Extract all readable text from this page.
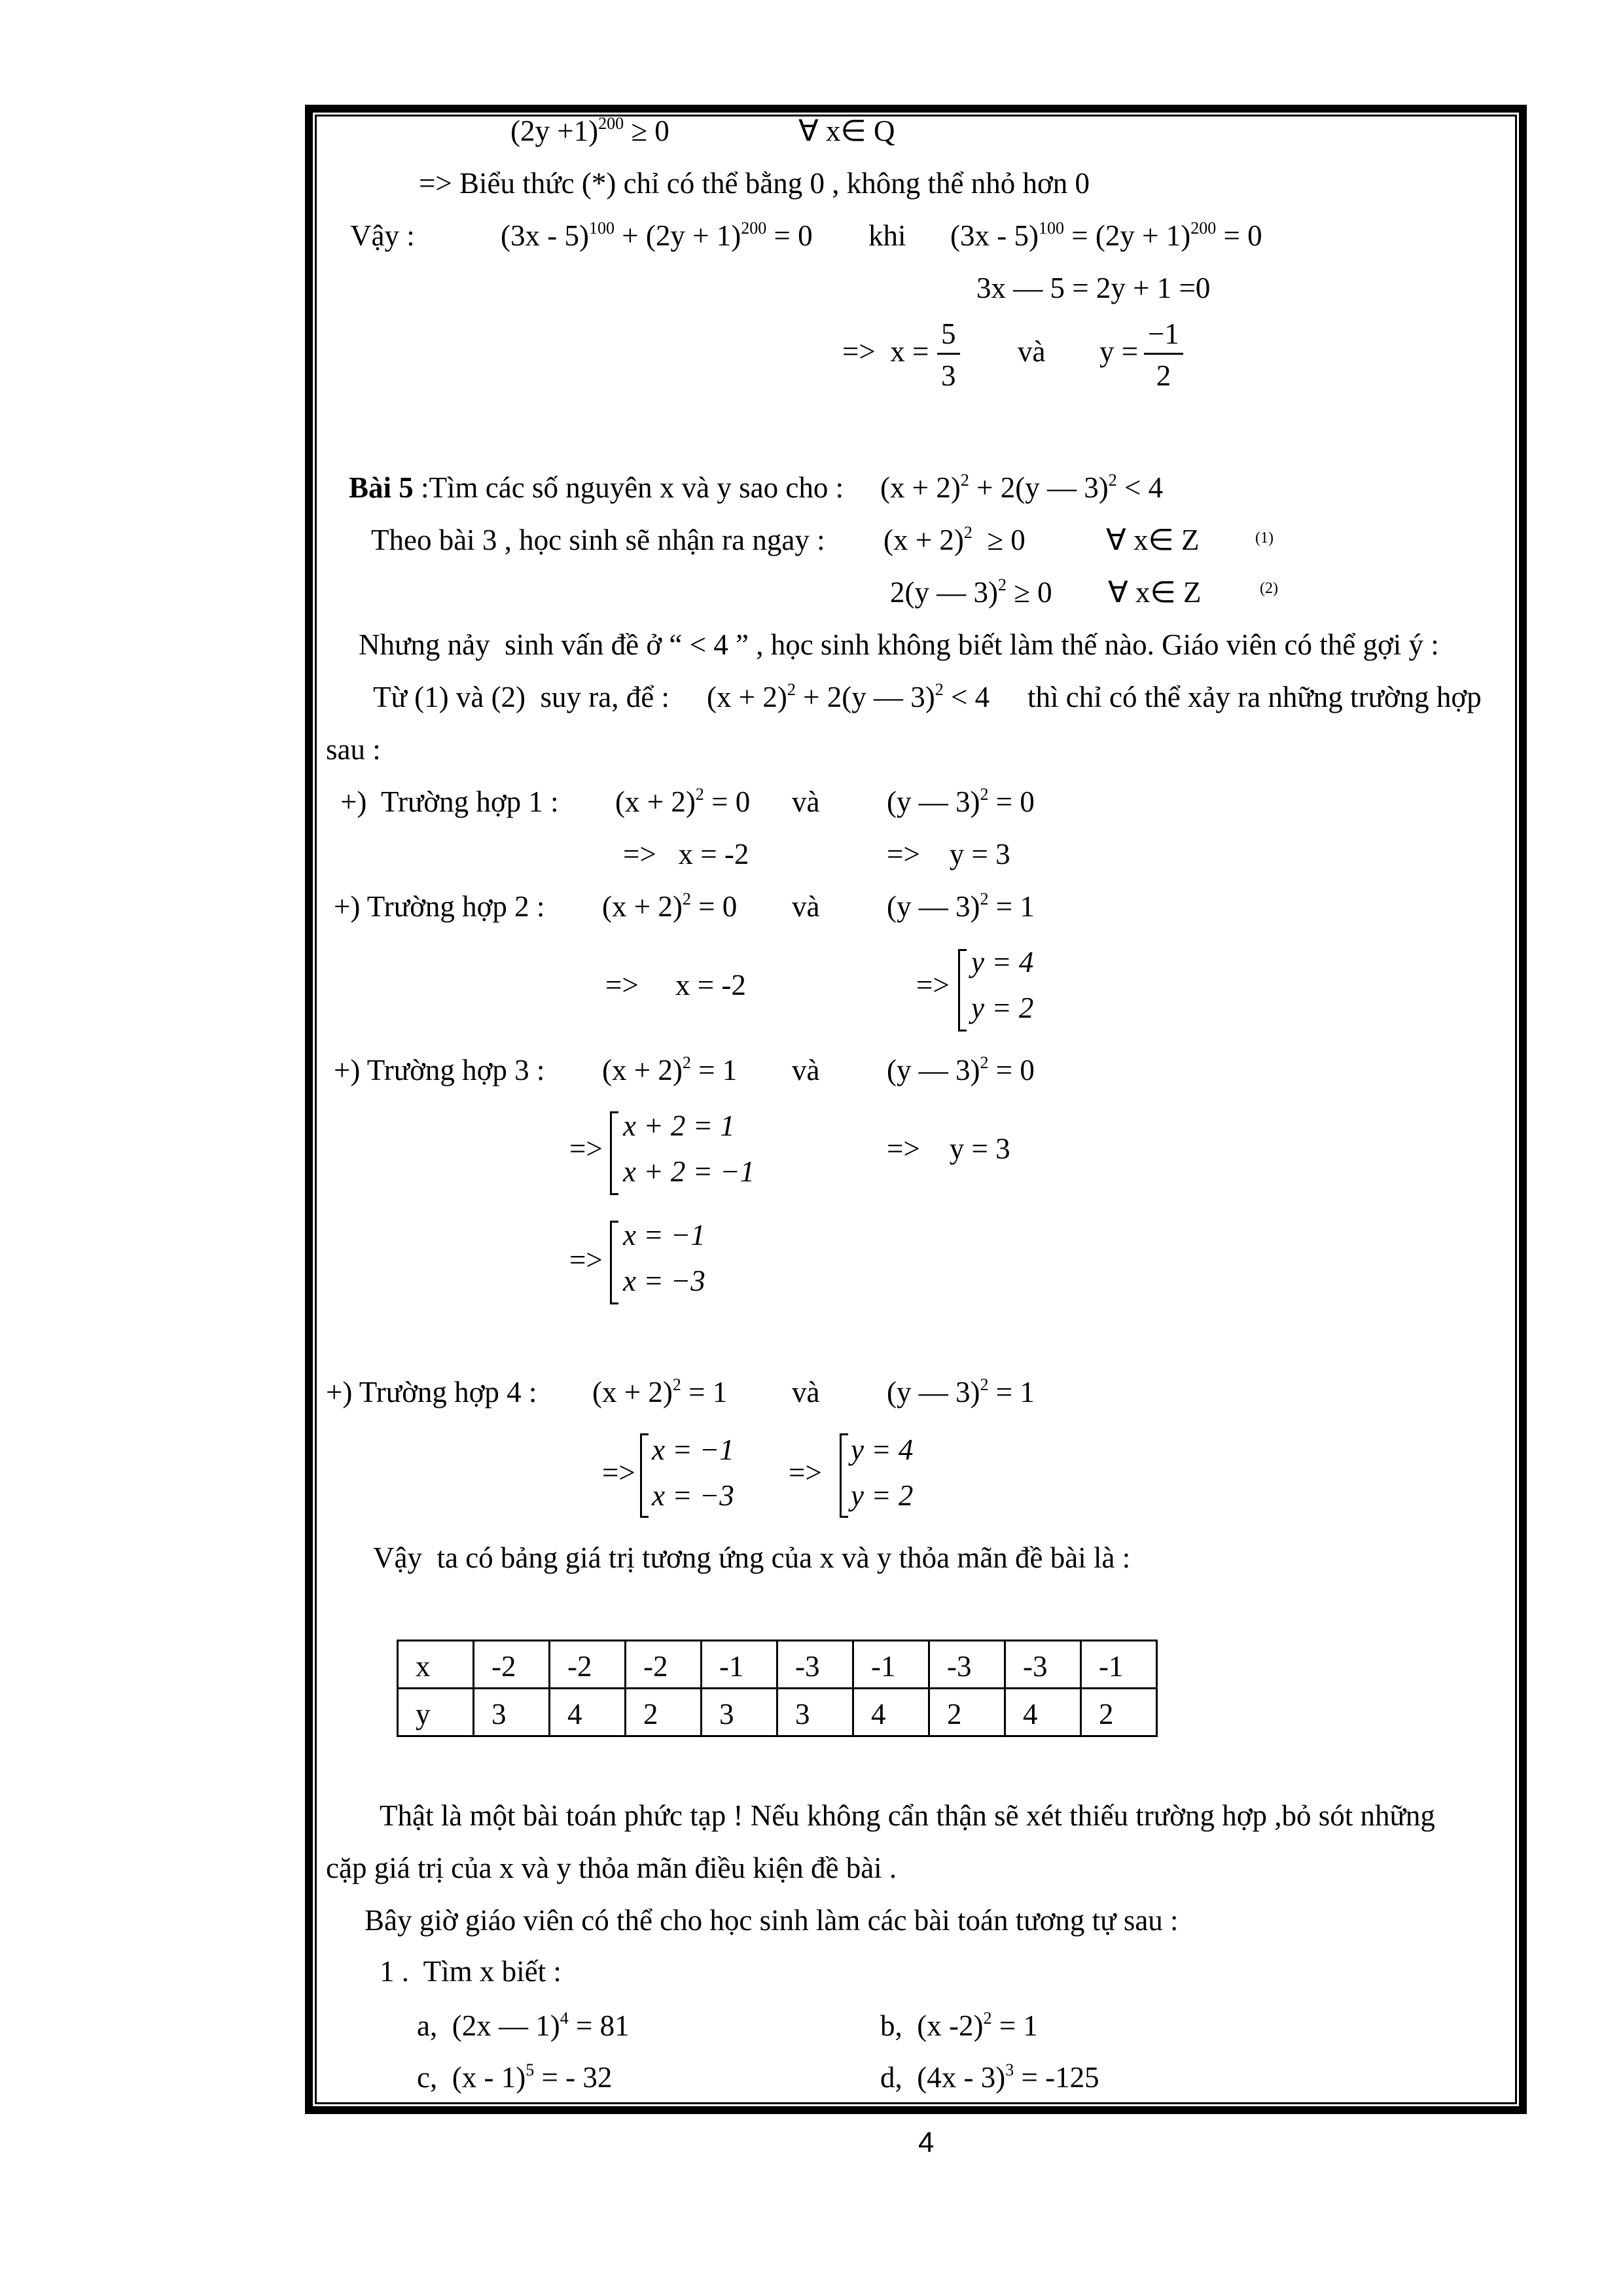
$(2y +1)^{200} \ge 0$	∀ x∈ Q
=> Biểu thức (*) chỉ có thể bằng 0 , không thể nhỏ hơn 0
Vậy :	$(3x - 5)^{100} + (2y + 1)^{200} = 0$ khi $(3x - 5)^{100} = (2y + 1)^{200} = 0$
3x — 5 = 2y + 1 =0
=>  $x = \frac{5}{3}$ và $y = \frac{-1}{2}$
Bài 5 :Tìm các số nguyên x và y sao cho : $(x + 2)^2 + 2(y$ — 3)$^2$ < 4
Theo bài 3 , học sinh sẽ nhận ra ngay : $(x + 2)^2 \ge 0$	∀ x∈ Z	(1)
2(y — 3)$^2$ ≥ 0 ∀ x∈ Z	(2)
Nhưng nảy  sinh vấn đề ở “ < 4 ” , học sinh không biết làm thế nào. Giáo viên có thể gợi ý :
Từ (1) và (2)  suy ra, để : $(x + 2)^2 + 2(y$ — 3)$^2$ < 4 thì chỉ có thể xảy ra những trường hợp
sau :
+)  Trường hợp 1 : $(x + 2)^2 = 0$ và (y — 3)$^2$ = 0
=>   x = -2	=>    y = 3
+) Trường hợp 2 : $(x + 2)^2 = 0$ và (y — 3)$^2$ = 1
=>     x = -2	=>
y = 4
y = 2
+) Trường hợp 3 : $(x + 2)^2 = 1$ và (y — 3)$^2$ = 0
=>
x + 2 = 1
x + 2 = −1
=>    y = 3
=>
x = −1
x = −3
+) Trường hợp 4 : $(x + 2)^2 = 1$ và (y — 3)$^2$ = 1
=>
x = −1
x = −3
=>
y = 4
y = 2
Vậy  ta có bảng giá trị tương ứng của x và y thỏa mãn đề bài là :
x	-2	-2	-2	-1	-3	-1	-3	-3	-1

y	3	4	2	3	3	4	2	4	2
Thật là một bài toán phức tạp ! Nếu không cẩn thận sẽ xét thiếu trường hợp ,bỏ sót những
cặp giá trị của x và y thỏa mãn điều kiện đề bài .
Bây giờ giáo viên có thể cho học sinh làm các bài toán tương tự sau :
1 .  Tìm x biết :
a, (2x — 1)$^4$ = 81	b, (x -2)$^2$ = 1
c, (x - 1)$^5$ = - 32	d, (4x - 3)$^3$ = -125
4
